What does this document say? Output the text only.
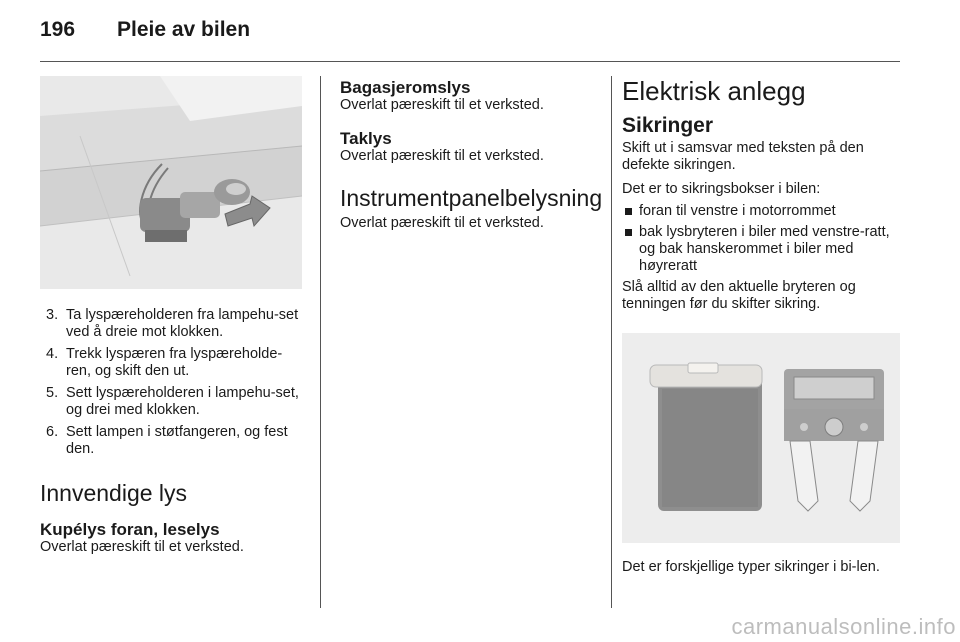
196 Pleie av bilen
3. Ta lyspæreholderen fra lampehu-set ved å dreie mot klokken.
4. Trekk lyspæren fra lyspæreholde-ren, og skift den ut.
5. Sett lyspæreholderen i lampehu-set, og drei med klokken.
6. Sett lampen i støtfangeren, og fest den.
Innvendige lys
Kupélys foran, leselys

Overlat pæreskift til et verksted.

Bagasjeromslys

Overlat pæreskift til et verksted.

Taklys

Overlat pæreskift til et verksted.

Instrumentpanelbelysning

Overlat pæreskift til et verksted.

Elektrisk anlegg
Sikringer

Skift ut i samsvar med teksten på den defekte sikringen.

Det er to sikringsbokser i bilen:

foran til venstre i motorrommet
bak lysbryteren i biler med venstre-ratt, og bak hanskerommet i biler med høyreratt

Slå alltid av den aktuelle bryteren og tenningen før du skifter sikring.

Det er forskjellige typer sikringer i bi-len.

carmanualsonline.info
